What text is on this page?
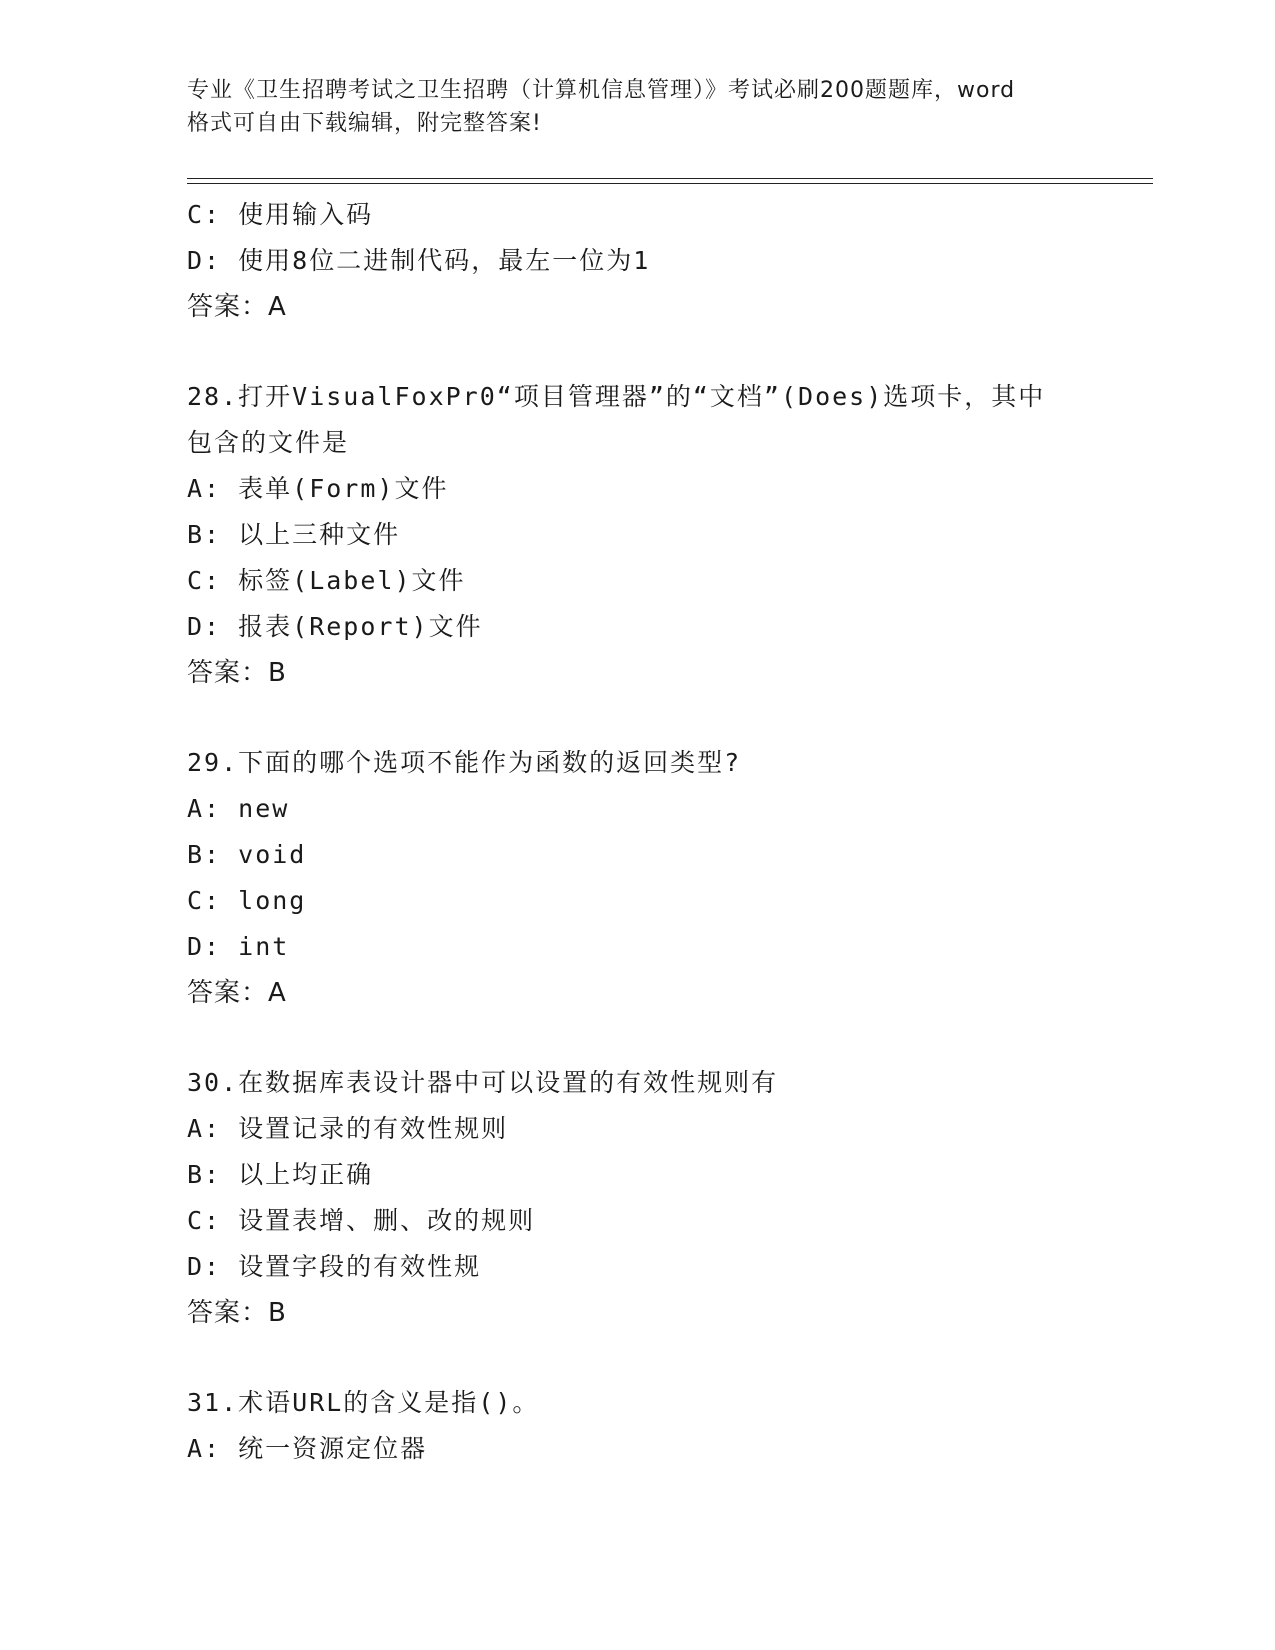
专业《卫生招聘考试之卫生招聘（计算机信息管理）》考试必刷200题题库，word
格式可自由下载编辑，附完整答案!
C: 使用输入码
D: 使用8位二进制代码，最左一位为1
答案：A
28.打开VisualFoxPr0“项目管理器”的“文档”(Does)选项卡，其中
包含的文件是
A: 表单(Form)文件
B: 以上三种文件
C: 标签(Label)文件
D: 报表(Report)文件
答案：B
29.下面的哪个选项不能作为函数的返回类型?
A: new
B: void
C: long
D: int
答案：A
30.在数据库表设计器中可以设置的有效性规则有
A: 设置记录的有效性规则
B: 以上均正确
C: 设置表增、删、改的规则
D: 设置字段的有效性规
答案：B
31.术语URL的含义是指()。
A: 统一资源定位器
